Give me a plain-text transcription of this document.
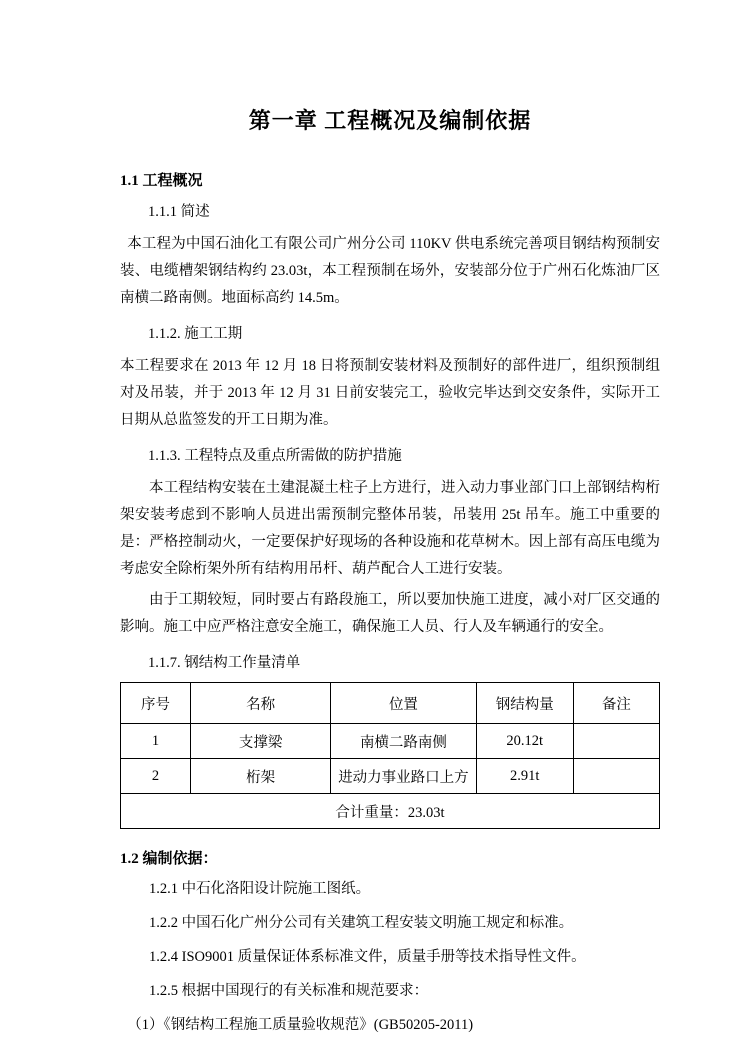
第一章 工程概况及编制依据
1.1 工程概况
1.1.1 简述

本工程为中国石油化工有限公司广州分公司 110KV 供电系统完善项目钢结构预制安装、电缆槽架钢结构约 23.03t，本工程预制在场外，安装部分位于广州石化炼油厂区南横二路南侧。地面标高约 14.5m。

1.1.2. 施工工期

本工程要求在 2013 年 12 月 18 日将预制安装材料及预制好的部件进厂，组织预制组对及吊装，并于 2013 年 12 月 31 日前安装完工，验收完毕达到交安条件，实际开工日期从总监签发的开工日期为准。

1.1.3. 工程特点及重点所需做的防护措施

本工程结构安装在土建混凝土柱子上方进行，进入动力事业部门口上部钢结构桁架安装考虑到不影响人员进出需预制完整体吊装，吊装用 25t 吊车。施工中重要的是：严格控制动火，一定要保护好现场的各种设施和花草树木。因上部有高压电缆为考虑安全除桁架外所有结构用吊杆、葫芦配合人工进行安装。

由于工期较短，同时要占有路段施工，所以要加快施工进度，减小对厂区交通的影响。施工中应严格注意安全施工，确保施工人员、行人及车辆通行的安全。

1.1.7. 钢结构工作量清单
序号	名称	位置	钢结构量	备注
1	支撑梁	南横二路南侧	20.12t	
2	桁架	进动力事业路口上方	2.91t	
合计重量：23.03t				
1.2 编制依据：

1.2.1 中石化洛阳设计院施工图纸。

1.2.2 中国石化广州分公司有关建筑工程安装文明施工规定和标准。

1.2.4 ISO9001 质量保证体系标准文件，质量手册等技术指导性文件。

1.2.5 根据中国现行的有关标准和规范要求：

（1）《钢结构工程施工质量验收规范》(GB50205-2011)
